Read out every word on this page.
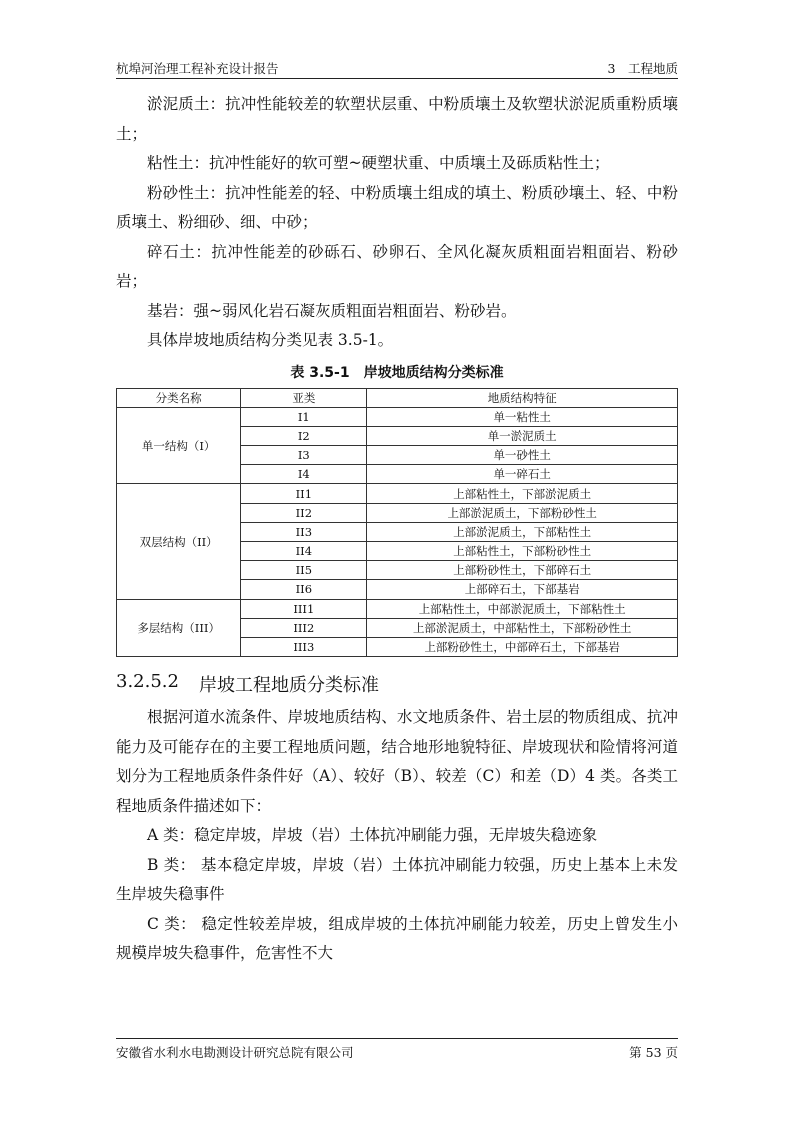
杭埠河治理工程补充设计报告	3　工程地质

淤泥质土：抗冲性能较差的软塑状层重、中粉质壤土及软塑状淤泥质重粉质壤土；

粘性土：抗冲性能好的软可塑~硬塑状重、中质壤土及砾质粘性土；

粉砂性土：抗冲性能差的轻、中粉质壤土组成的填土、粉质砂壤土、轻、中粉质壤土、粉细砂、细、中砂；

碎石土：抗冲性能差的砂砾石、砂卵石、全风化凝灰质粗面岩粗面岩、粉砂岩；

基岩：强~弱风化岩石凝灰质粗面岩粗面岩、粉砂岩。

具体岸坡地质结构分类见表 3.5-1。

表 3.5-1　岸坡地质结构分类标准
分类名称	亚类	地质结构特征
单一结构（I）	I1	单一粘性土
	I2	单一淤泥质土
	I3	单一砂性土
	I4	单一碎石土
双层结构（II）	II1	上部粘性土，下部淤泥质土
	II2	上部淤泥质土，下部粉砂性土
	II3	上部淤泥质土，下部粘性土
	II4	上部粘性土，下部粉砂性土
	II5	上部粉砂性土，下部碎石土
	II6	上部碎石土，下部基岩
多层结构（III）	III1	上部粘性土，中部淤泥质土，下部粘性土
	III2	上部淤泥质土，中部粘性土，下部粉砂性土
	III3	上部粉砂性土，中部碎石土，下部基岩
3.2.5.2	岸坡工程地质分类标准

根据河道水流条件、岸坡地质结构、水文地质条件、岩土层的物质组成、抗冲能力及可能存在的主要工程地质问题，结合地形地貌特征、岸坡现状和险情将河道划分为工程地质条件条件好（A）、较好（B）、较差（C）和差（D）4 类。各类工程地质条件描述如下：

A 类：稳定岸坡，岸坡（岩）土体抗冲刷能力强，无岸坡失稳迹象

B 类： 基本稳定岸坡，岸坡（岩）土体抗冲刷能力较强，历史上基本上未发生岸坡失稳事件

C 类： 稳定性较差岸坡，组成岸坡的土体抗冲刷能力较差，历史上曾发生小规模岸坡失稳事件，危害性不大

安徽省水利水电勘测设计研究总院有限公司	第 53 页
